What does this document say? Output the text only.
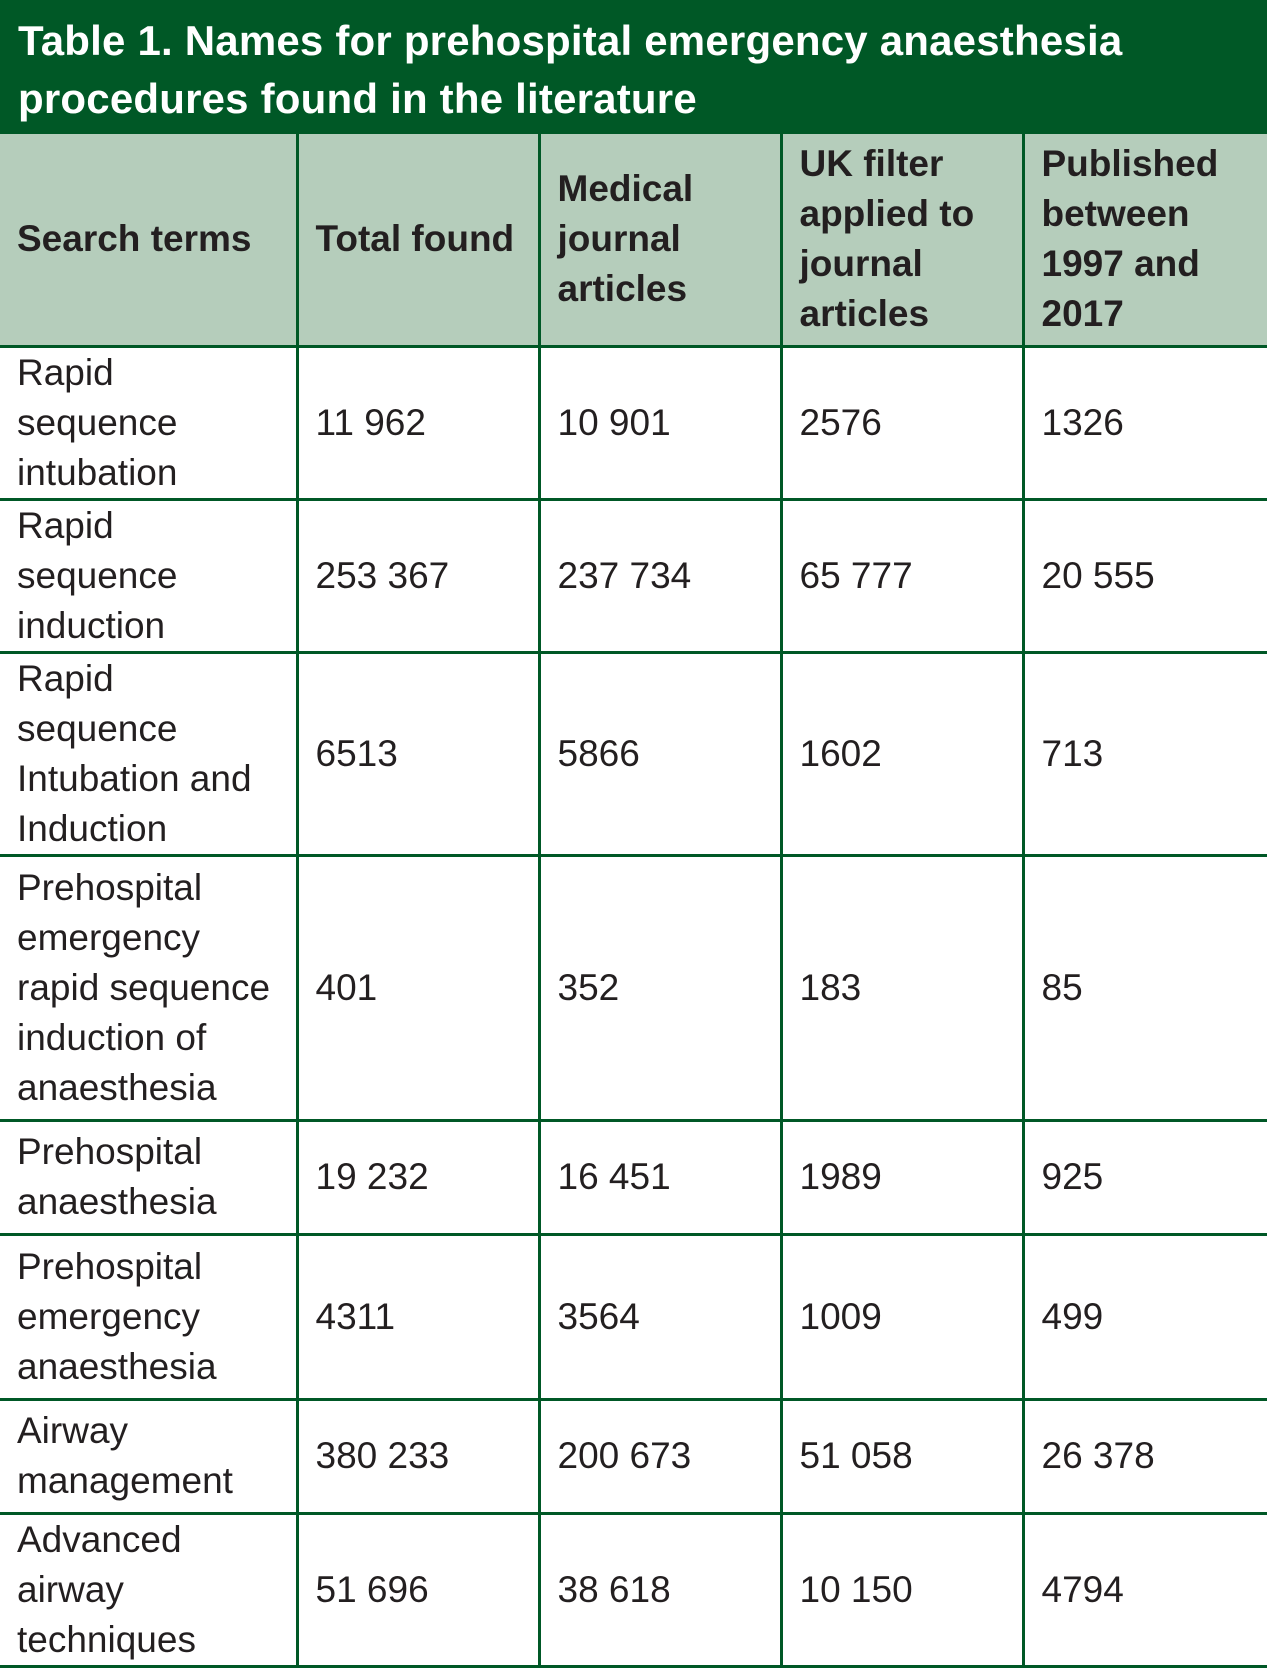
Table 1. Names for prehospital emergency anaesthesia
procedures found in the literature
Search terms	Total found	Medical journal articles	UK filter applied to journal articles	Published between 1997 and 2017
Rapid sequence intubation	11 962	10 901	2576	1326
Rapid sequence induction	253 367	237 734	65 777	20 555
Rapid sequence Intubation and Induction	6513	5866	1602	713
Prehospital emergency rapid sequence induction of anaesthesia	401	352	183	85
Prehospital anaesthesia	19 232	16 451	1989	925
Prehospital emergency anaesthesia	4311	3564	1009	499
Airway management	380 233	200 673	51 058	26 378
Advanced airway techniques	51 696	38 618	10 150	4794
